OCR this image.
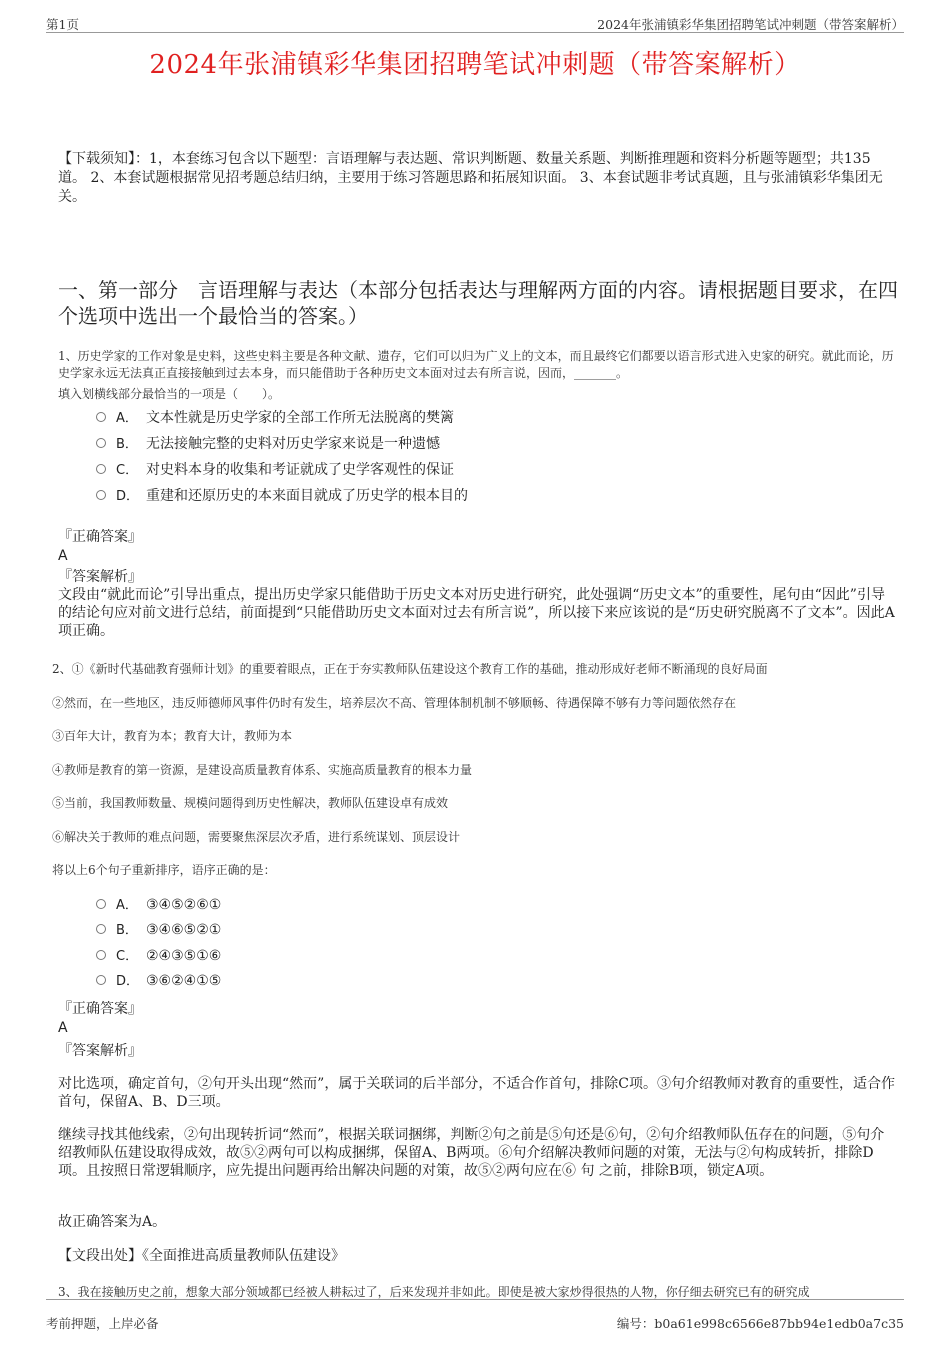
第1页	2024年张浦镇彩华集团招聘笔试冲刺题（带答案解析）
2024年张浦镇彩华集团招聘笔试冲刺题（带答案解析）
【下载须知】：1，本套练习包含以下题型：言语理解与表达题、常识判断题、数量关系题、判断推理题和资料分析题等题型；共135道。 2、本套试题根据常见招考题总结归纳，主要用于练习答题思路和拓展知识面。 3、本套试题非考试真题，且与张浦镇彩华集团无关。
一、第一部分　言语理解与表达（本部分包括表达与理解两方面的内容。请根据题目要求，在四个选项中选出一个最恰当的答案。）
1、历史学家的工作对象是史料，这些史料主要是各种文献、遗存，它们可以归为广义上的文本，而且最终它们都要以语言形式进入史家的研究。就此而论，历史学家永远无法真正直接接触到过去本身，而只能借助于各种历史文本面对过去有所言说，因而，_______。
填入划横线部分最恰当的一项是（　　）。
A． 文本性就是历史学家的全部工作所无法脱离的樊篱
B． 无法接触完整的史料对历史学家来说是一种遗憾
C． 对史料本身的收集和考证就成了史学客观性的保证
D． 重建和还原历史的本来面目就成了历史学的根本目的
『正确答案』
A
『答案解析』
文段由“就此而论”引导出重点，提出历史学家只能借助于历史文本对历史进行研究，此处强调“历史文本”的重要性，尾句由“因此”引导的结论句应对前文进行总结，前面提到“只能借助历史文本面对过去有所言说”，所以接下来应该说的是“历史研究脱离不了文本”。因此A项正确。
2、①《新时代基础教育强师计划》的重要着眼点，正在于夯实教师队伍建设这个教育工作的基础，推动形成好老师不断涌现的良好局面
②然而，在一些地区，违反师德师风事件仍时有发生，培养层次不高、管理体制机制不够顺畅、待遇保障不够有力等问题依然存在
③百年大计，教育为本；教育大计，教师为本
④教师是教育的第一资源，是建设高质量教育体系、实施高质量教育的根本力量
⑤当前，我国教师数量、规模问题得到历史性解决，教师队伍建设卓有成效
⑥解决关于教师的难点问题，需要聚焦深层次矛盾，进行系统谋划、顶层设计
将以上6个句子重新排序，语序正确的是：
A． ③④⑤②⑥①
B． ③④⑥⑤②①
C． ②④③⑤①⑥
D． ③⑥②④①⑤
『正确答案』
A
『答案解析』
对比选项，确定首句，②句开头出现“然而”，属于关联词的后半部分，不适合作首句，排除C项。③句介绍教师对教育的重要性，适合作首句，保留A、B、D三项。
继续寻找其他线索，②句出现转折词“然而”，根据关联词捆绑，判断②句之前是⑤句还是⑥句，②句介绍教师队伍存在的问题，⑤句介绍教师队伍建设取得成效，故⑤②两句可以构成捆绑，保留A、B两项。⑥句介绍解决教师问题的对策，无法与②句构成转折，排除D项。且按照日常逻辑顺序，应先提出问题再给出解决问题的对策，故⑤②两句应在⑥ 句 之前，排除B项，锁定A项。
故正确答案为A。
【文段出处】《全面推进高质量教师队伍建设》
3、我在接触历史之前，想象大部分领域都已经被人耕耘过了，后来发现并非如此。即使是被大家炒得很热的人物，你仔细去研究已有的研究成
考前押题，上岸必备	编号：b0a61e998c6566e87bb94e1edb0a7c35
